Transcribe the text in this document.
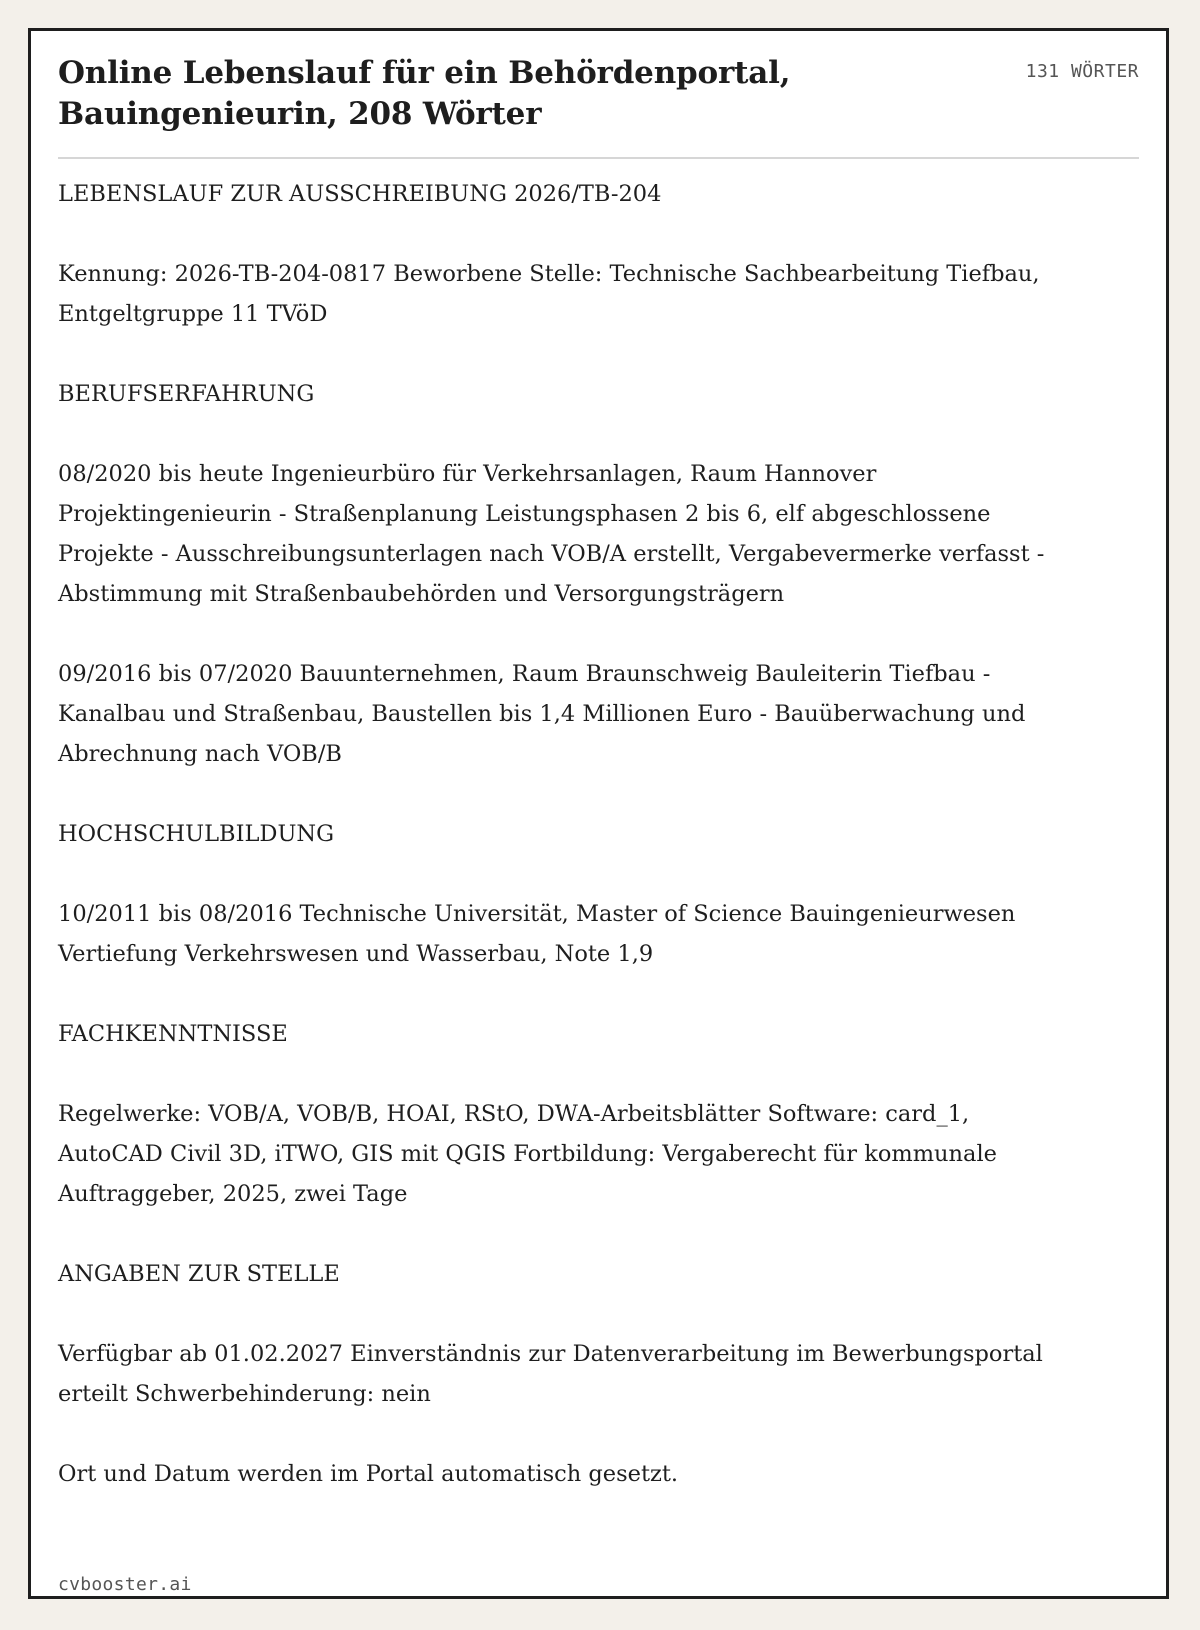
Online Lebenslauf für ein Behördenportal, Bauingenieurin, 208 Wörter
131 WÖRTER

LEBENSLAUF ZUR AUSSCHREIBUNG 2026/TB-204

Kennung: 2026-TB-204-0817 Beworbene Stelle: Technische Sachbearbeitung Tiefbau, Entgeltgruppe 11 TVöD

BERUFSERFAHRUNG

08/2020 bis heute Ingenieurbüro für Verkehrsanlagen, Raum Hannover Projektingenieurin - Straßenplanung Leistungsphasen 2 bis 6, elf abgeschlossene Projekte - Ausschreibungsunterlagen nach VOB/A erstellt, Vergabevermerke verfasst - Abstimmung mit Straßenbaubehörden und Versorgungsträgern

09/2016 bis 07/2020 Bauunternehmen, Raum Braunschweig Bauleiterin Tiefbau - Kanalbau und Straßenbau, Baustellen bis 1,4 Millionen Euro - Bauüberwachung und Abrechnung nach VOB/B

HOCHSCHULBILDUNG

10/2011 bis 08/2016 Technische Universität, Master of Science Bauingenieurwesen Vertiefung Verkehrswesen und Wasserbau, Note 1,9

FACHKENNTNISSE

Regelwerke: VOB/A, VOB/B, HOAI, RStO, DWA-Arbeitsblätter Software: card_1, AutoCAD Civil 3D, iTWO, GIS mit QGIS Fortbildung: Vergaberecht für kommunale Auftraggeber, 2025, zwei Tage

ANGABEN ZUR STELLE

Verfügbar ab 01.02.2027 Einverständnis zur Datenverarbeitung im Bewerbungsportal erteilt Schwerbehinderung: nein

Ort und Datum werden im Portal automatisch gesetzt.

cvbooster.ai
